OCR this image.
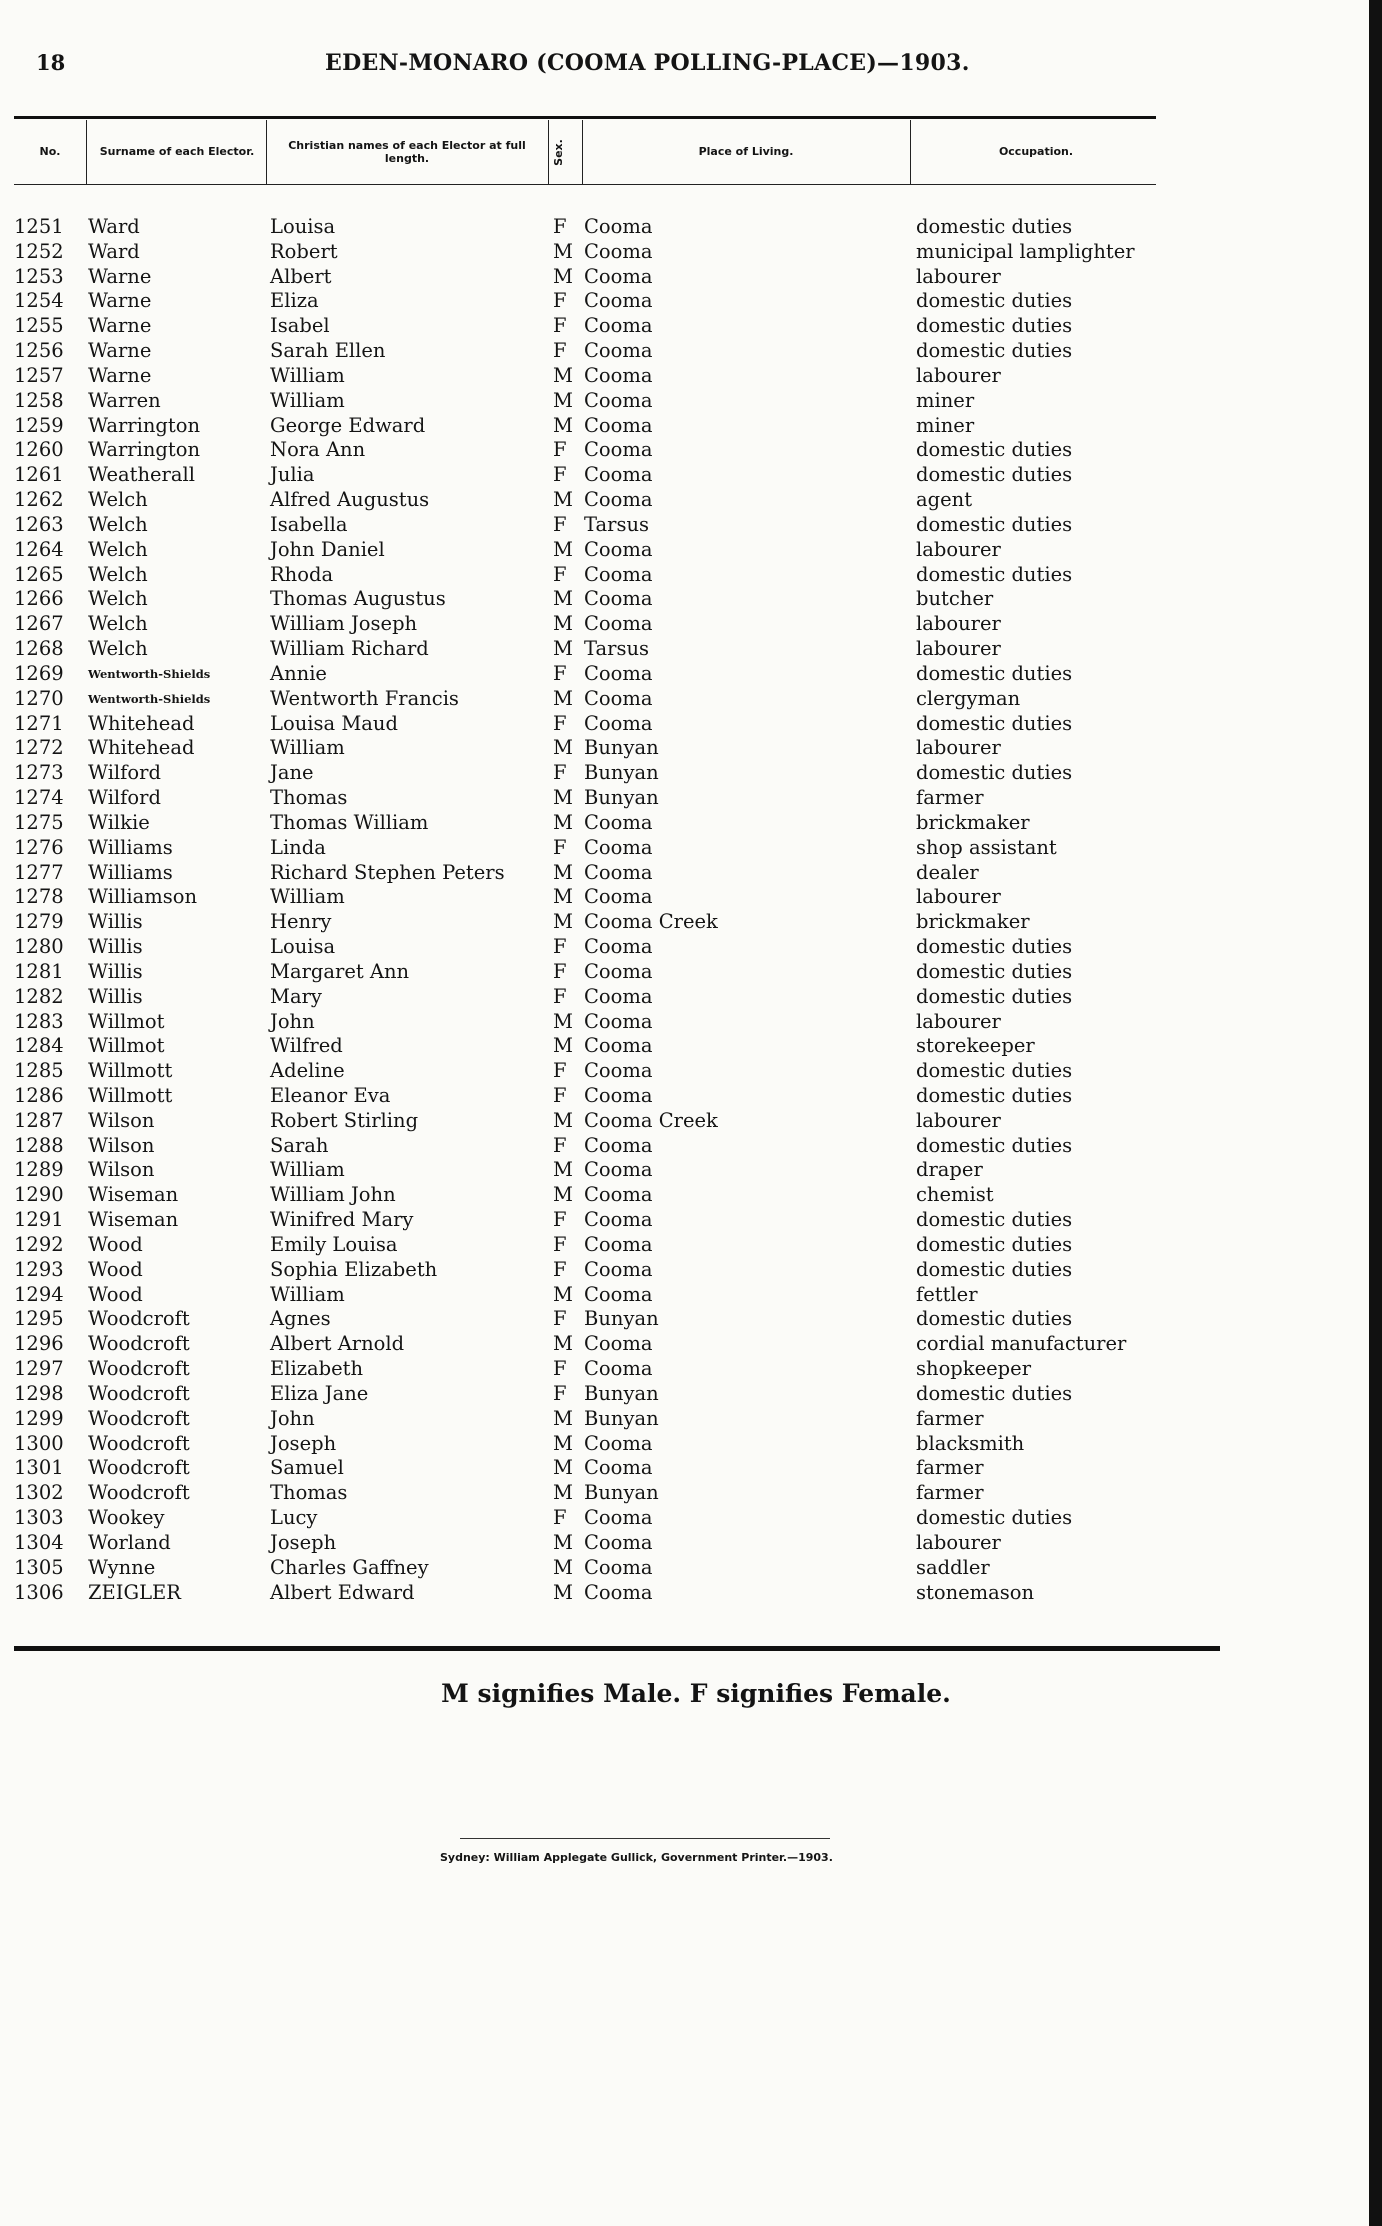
18	EDEN-MONARO (COOMA POLLING-PLACE)—1903.
No.	Surname of each Elector.
Christian names of each Elector at full length.	Sex.	Place of Living.	Occupation.
1251 Ward	Louisa	F Cooma	domestic duties
1252 Ward	Robert	M Cooma	municipal lamplighter
1253 Warne	Albert	M Cooma	labourer
1254 Warne	Eliza	F Cooma	domestic duties
1255 Warne	Isabel	F Cooma	domestic duties
1256 Warne	Sarah Ellen	F Cooma	domestic duties
1257 Warne	William	M Cooma	labourer
1258 Warren	William	M Cooma	miner
1259 Warrington	George Edward	M Cooma	miner
1260 Warrington	Nora Ann	F Cooma	domestic duties
1261 Weatherall	Julia	F Cooma	domestic duties
1262 Welch	Alfred Augustus	M Cooma	agent
1263 Welch	Isabella	F Tarsus	domestic duties
1264 Welch	John Daniel	M Cooma	labourer
1265 Welch	Rhoda	F Cooma	domestic duties
1266 Welch	Thomas Augustus	M Cooma	butcher
1267 Welch	William Joseph	M Cooma	labourer
1268 Welch	William Richard	M Tarsus	labourer
1269 Wentworth-Shields	Annie	F Cooma	domestic duties
1270 Wentworth-Shields	Wentworth Francis	M Cooma	clergyman
1271 Whitehead	Louisa Maud	F Cooma	domestic duties
1272 Whitehead	William	M Bunyan	labourer
1273 Wilford	Jane	F Bunyan	domestic duties
1274 Wilford	Thomas	M Bunyan	farmer
1275 Wilkie	Thomas William	M Cooma	brickmaker
1276 Williams	Linda	F Cooma	shop assistant
1277 Williams	Richard Stephen Peters M Cooma	dealer
1278 Williamson	William	M Cooma	labourer
1279 Willis	Henry	M Cooma Creek	brickmaker
1280 Willis	Louisa	F Cooma	domestic duties
1281 Willis	Margaret Ann	F Cooma	domestic duties
1282 Willis	Mary	F Cooma	domestic duties
1283 Willmot	John	M Cooma	labourer
1284 Willmot	Wilfred	M Cooma	storekeeper
1285 Willmott	Adeline	F Cooma	domestic duties
1286 Willmott	Eleanor Eva	F Cooma	domestic duties
1287 Wilson	Robert Stirling	M Cooma Creek	labourer
1288 Wilson	Sarah	F Cooma	domestic duties
1289 Wilson	William	M Cooma	draper
1290 Wiseman	William John	M Cooma	chemist
1291 Wiseman	Winifred Mary	F Cooma	domestic duties
1292 Wood	Emily Louisa	F Cooma	domestic duties
1293 Wood	Sophia Elizabeth	F Cooma	domestic duties
1294 Wood	William	M Cooma	fettler
1295 Woodcroft	Agnes	F Bunyan	domestic duties
1296 Woodcroft	Albert Arnold	M Cooma	cordial manufacturer
1297 Woodcroft	Elizabeth	F Cooma	shopkeeper
1298 Woodcroft	Eliza Jane	F Bunyan	domestic duties
1299 Woodcroft	John	M Bunyan	farmer
1300 Woodcroft	Joseph	M Cooma	blacksmith
1301 Woodcroft	Samuel	M Cooma	farmer
1302 Woodcroft	Thomas	M Bunyan	farmer
1303 Wookey	Lucy	F Cooma	domestic duties
1304 Worland	Joseph	M Cooma	labourer
1305 Wynne	Charles Gaffney	M Cooma	saddler
1306 ZEIGLER	Albert Edward	M Cooma	stonemason
M signifies Male. F signifies Female.
Sydney: William Applegate Gullick, Government Printer.—1903.
